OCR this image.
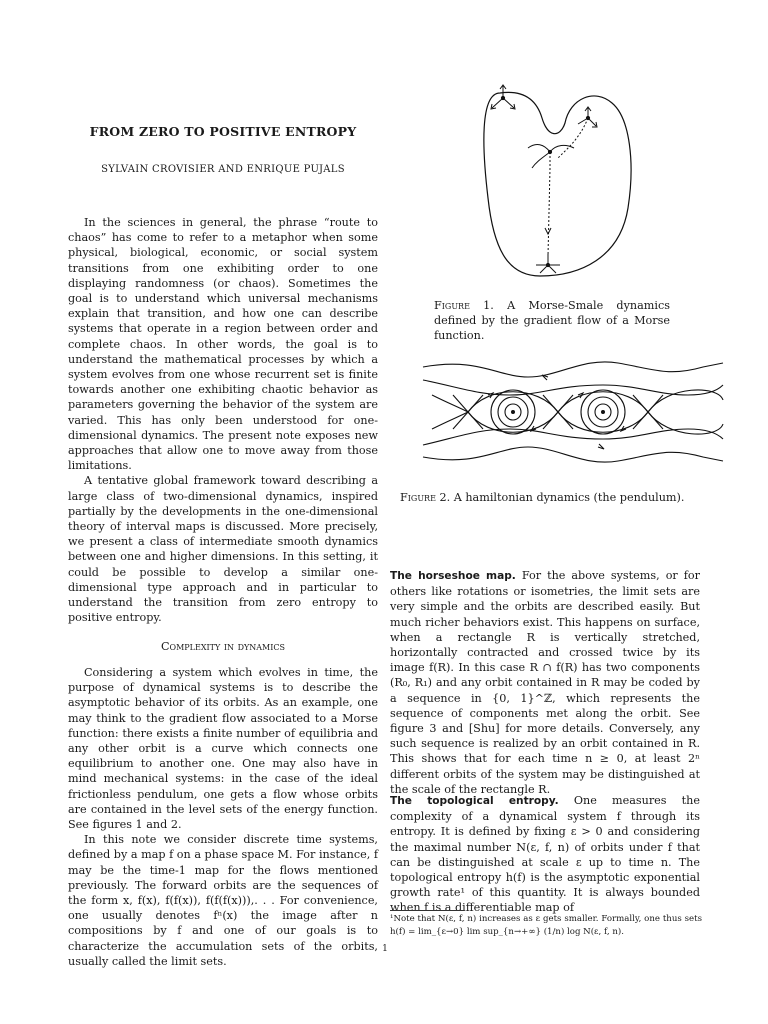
FROM ZERO TO POSITIVE ENTROPY
SYLVAIN CROVISIER AND ENRIQUE PUJALS

In the sciences in general, the phrase “route to chaos” has come to refer to a metaphor when some physical, biological, economic, or social system transitions from one exhibiting order to one displaying randomness (or chaos). Sometimes the goal is to understand which universal mechanisms explain that transition, and how one can describe systems that operate in a region between order and complete chaos. In other words, the goal is to understand the mathematical processes by which a system evolves from one whose recurrent set is finite towards another one exhibiting chaotic behavior as parameters governing the behavior of the system are varied. This has only been understood for one-dimensional dynamics. The present note exposes new approaches that allow one to move away from those limitations.

A tentative global framework toward describing a large class of two-dimensional dynamics, inspired partially by the developments in the one-dimensional theory of interval maps is discussed. More precisely, we present a class of intermediate smooth dynamics between one and higher dimensions. In this setting, it could be possible to develop a similar one-dimensional type approach and in particular to understand the transition from zero entropy to positive entropy.

Complexity in dynamics

Considering a system which evolves in time, the purpose of dynamical systems is to describe the asymptotic behavior of its orbits. As an example, one may think to the gradient flow associated to a Morse function: there exists a finite number of equilibria and any other orbit is a curve which connects one equilibrium to another one. One may also have in mind mechanical systems: in the case of the ideal frictionless pendulum, one gets a flow whose orbits are contained in the level sets of the energy function. See figures 1 and 2.

In this note we consider discrete time systems, defined by a map f on a phase space M. For instance, f may be the time-1 map for the flows mentioned previously. The forward orbits are the sequences of the form x, f(x), f(f(x)), f(f(f(x))),. . . For convenience, one usually denotes fⁿ(x) the image after n compositions by f and one of our goals is to characterize the accumulation sets of the orbits, usually called the limit sets.

Figure 1. A Morse-Smale dynamics defined by the gradient flow of a Morse function.
Figure 2. A hamiltonian dynamics (the pendulum).

The horseshoe map. For the above systems, or for others like rotations or isometries, the limit sets are very simple and the orbits are described easily. But much richer behaviors exist. This happens on surface, when a rectangle R is vertically stretched, horizontally contracted and crossed twice by its image f(R). In this case R ∩ f(R) has two components (R₀, R₁) and any orbit contained in R may be coded by a sequence in {0, 1}^ℤ, which represents the sequence of components met along the orbit. See figure 3 and [Shu] for more details. Conversely, any such sequence is realized by an orbit contained in R. This shows that for each time n ≥ 0, at least 2ⁿ different orbits of the system may be distinguished at the scale of the rectangle R.

The topological entropy. One measures the complexity of a dynamical system f through its entropy. It is defined by fixing ε > 0 and considering the maximal number N(ε, f, n) of orbits under f that can be distinguished at scale ε up to time n. The topological entropy h(f) is the asymptotic exponential growth rate¹ of this quantity. It is always bounded when f is a differentiable map of

¹Note that N(ε, f, n) increases as ε gets smaller. Formally, one thus sets h(f) = lim_{ε→0} lim sup_{n→+∞} (1/n) log N(ε, f, n).
1
